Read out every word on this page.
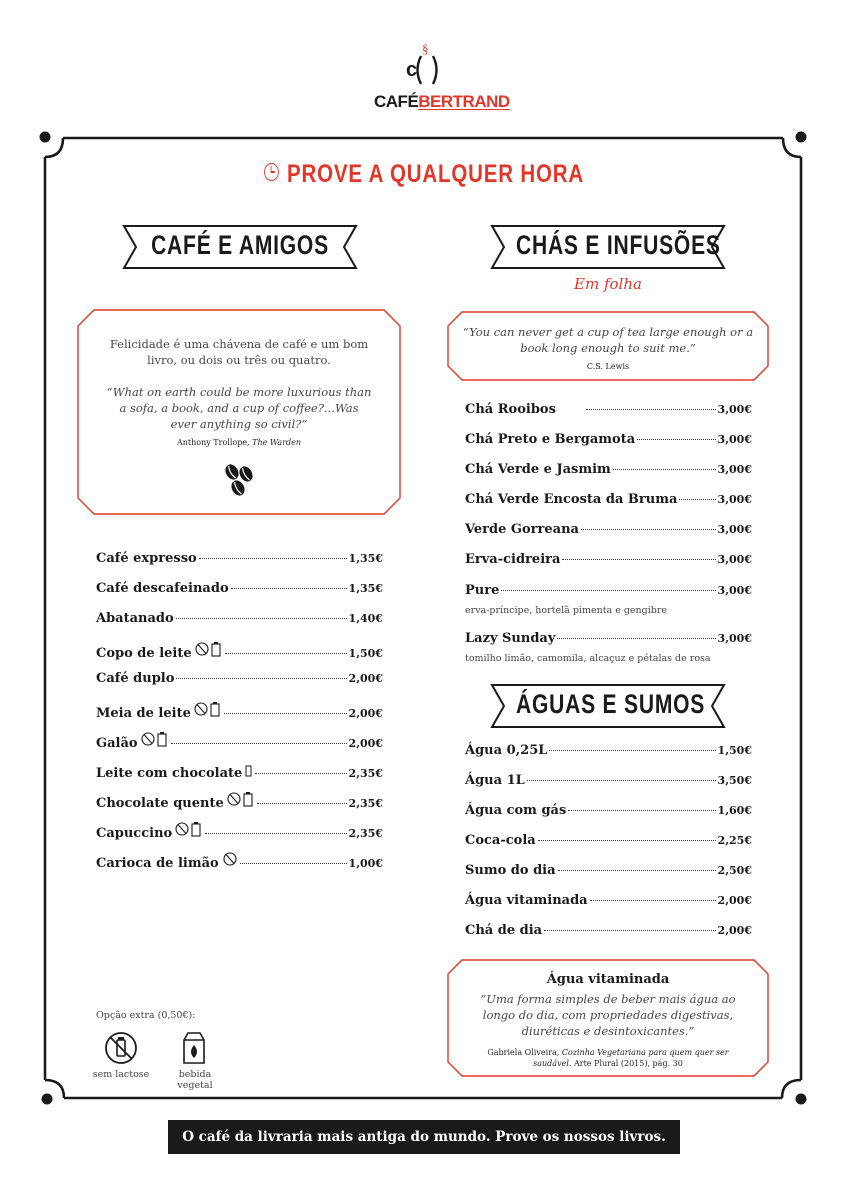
c
§
CAFÉBERTRAND
PROVE A QUALQUER HORA
CAFÉ E AMIGOS	CHÁS E INFUSÕES
Em folha
Felicidade é uma chávena de café e um bom livro, ou dois ou três ou quatro.
“What on earth could be more luxurious than a sofa, a book, and a cup of coffee?...Was ever anything so civil?”
Anthony Trollope, The Warden
“You can never get a cup of tea large enough or a book long enough to suit me.”
C.S. Lewis
Café expresso	1,35€
Café descafeinado	1,35€
Abatanado	1,40€
Copo de leite	1,50€
Café duplo	2,00€
Meia de leite	2,00€
Galão	2,00€
Leite com chocolate	2,35€
Chocolate quente	2,35€
Capuccino	2,35€
Carioca de limão	1,00€
Chá Rooibos	3,00€
Chá Preto e Bergamota	3,00€
Chá Verde e Jasmim	3,00€
Chá Verde Encosta da Bruma	3,00€
Verde Gorreana	3,00€
Erva-cidreira	3,00€
Pure	3,00€
erva-príncipe, hortelã pimenta e gengibre
Lazy Sunday	3,00€
tomilho limão, camomila, alcaçuz e pétalas de rosa
ÁGUAS E SUMOS
Água 0,25L	1,50€
Água 1L	3,50€
Água com gás	1,60€
Coca-cola	2,25€
Sumo do dia	2,50€
Água vitaminada	2,00€
Chá de dia	2,00€
Água vitaminada
“Uma forma simples de beber mais água ao longo do dia, com propriedades digestivas, diuréticas e desintoxicantes.”
Gabriela Oliveira, Cozinha Vegetariana para quem quer ser saudável. Arte Plural (2015), pág. 30
Opção extra (0,50€):
sem lactose	bebida vegetal
O café da livraria mais antiga do mundo. Prove os nossos livros.
